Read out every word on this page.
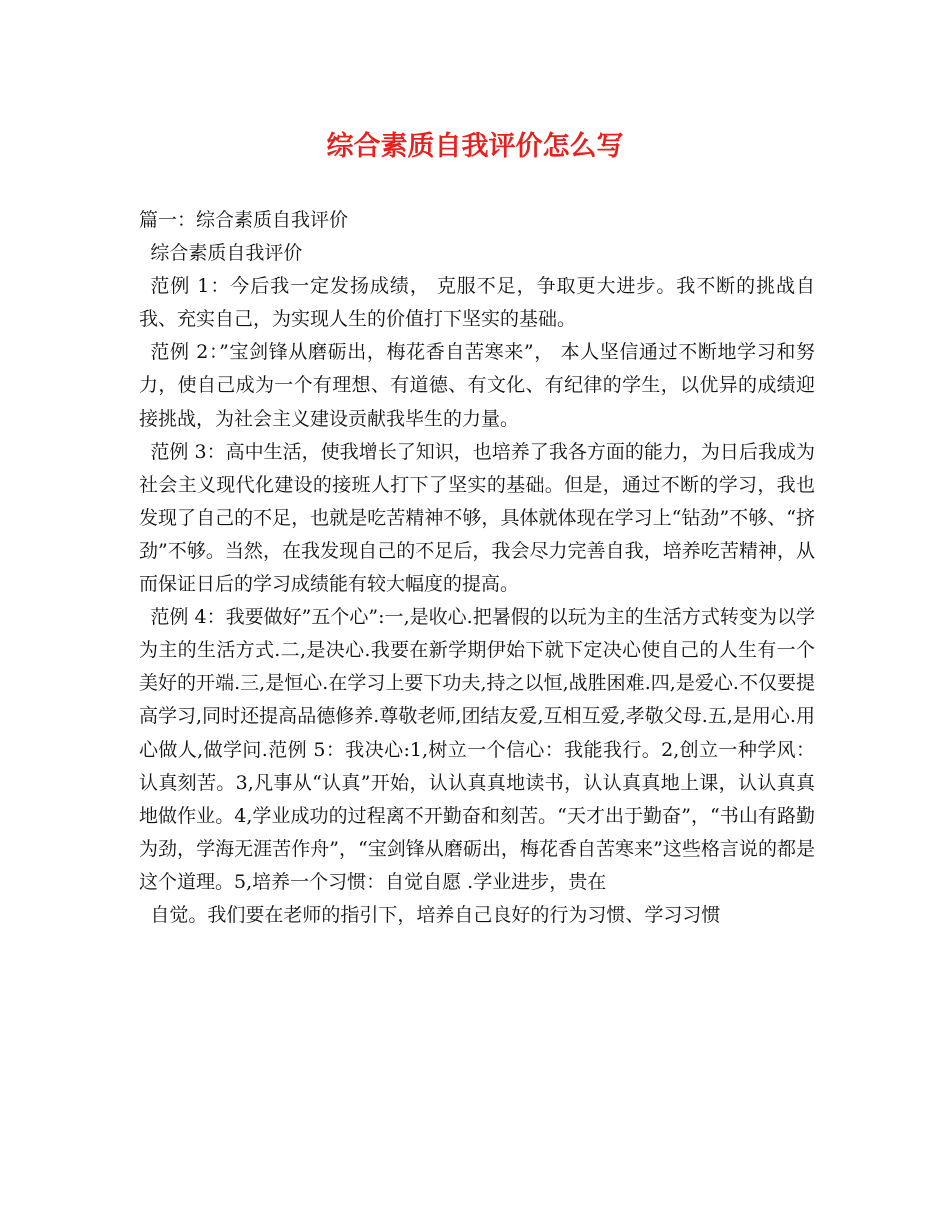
综合素质自我评价怎么写

篇一：综合素质自我评价

综合素质自我评价

范例 1：今后我一定发扬成绩， 克服不足，争取更大进步。我不断的挑战自我、充实自己，为实现人生的价值打下坚实的基础。

范例 2：”宝剑锋从磨砺出，梅花香自苦寒来”， 本人坚信通过不断地学习和努力，使自己成为一个有理想、有道德、有文化、有纪律的学生，以优异的成绩迎接挑战，为社会主义建设贡献我毕生的力量。

范例 3：高中生活，使我增长了知识，也培养了我各方面的能力，为日后我成为社会主义现代化建设的接班人打下了坚实的基础。但是，通过不断的学习，我也发现了自己的不足，也就是吃苦精神不够，具体就体现在学习上“钻劲”不够、“挤劲”不够。当然，在我发现自己的不足后，我会尽力完善自我，培养吃苦精神，从而保证日后的学习成绩能有较大幅度的提高。

范例 4：我要做好”五个心”:一,是收心.把暑假的以玩为主的生活方式转变为以学为主的生活方式.二,是决心.我要在新学期伊始下就下定决心使自己的人生有一个美好的开端.三,是恒心.在学习上要下功夫,持之以恒,战胜困难.四,是爱心.不仅要提高学习,同时还提高品德修养.尊敬老师,团结友爱,互相互爱,孝敬父母.五,是用心.用心做人,做学问.范例 5：我决心:1,树立一个信心：我能我行。2,创立一种学风：认真刻苦。3,凡事从“认真”开始，认认真真地读书，认认真真地上课，认认真真地做作业。4,学业成功的过程离不开勤奋和刻苦。“天才出于勤奋”，“书山有路勤为劲，学海无涯苦作舟”，“宝剑锋从磨砺出，梅花香自苦寒来”这些格言说的都是这个道理。5,培养一个习惯：自觉自愿 .学业进步，贵在

自觉。我们要在老师的指引下，培养自己良好的行为习惯、学习习惯
